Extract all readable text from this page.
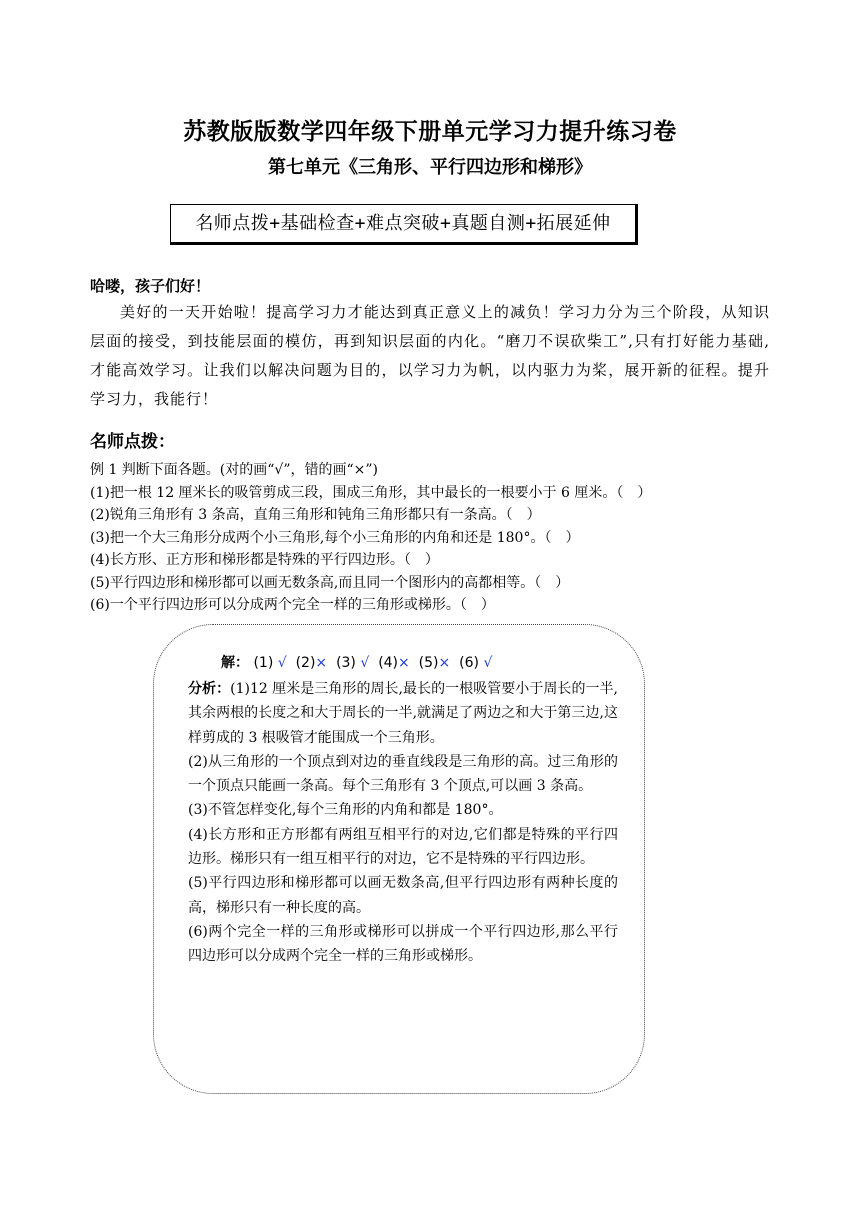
苏教版版数学四年级下册单元学习力提升练习卷
第七单元《三角形、平行四边形和梯形》
名师点拨+基础检查+难点突破+真题自测+拓展延伸
哈喽，孩子们好！
美好的一天开始啦！提高学习力才能达到真正意义上的减负！学习力分为三个阶段，从知识层面的接受，到技能层面的模仿，再到知识层面的内化。“磨刀不误砍柴工”,只有打好能力基础,才能高效学习。让我们以解决问题为目的，以学习力为帆，以内驱力为桨，展开新的征程。提升学习力，我能行！
名师点拨：
例 1 判断下面各题。(对的画“√”，错的画“×”)
(1)把一根 12 厘米长的吸管剪成三段，围成三角形，其中最长的一根要小于 6 厘米。（　）
(2)锐角三角形有 3 条高，直角三角形和钝角三角形都只有一条高。（　）
(3)把一个大三角形分成两个小三角形,每个小三角形的内角和还是 180°。（　）
(4)长方形、正方形和梯形都是特殊的平行四边形。（　）
(5)平行四边形和梯形都可以画无数条高,而且同一个图形内的高都相等。（　）
(6)一个平行四边形可以分成两个完全一样的三角形或梯形。（　）
解： (1) √ (2)× (3) √ (4)× (5)× (6) √

分析：(1)12 厘米是三角形的周长,最长的一根吸管要小于周长的一半,其余两根的长度之和大于周长的一半,就满足了两边之和大于第三边,这样剪成的 3 根吸管才能围成一个三角形。

(2)从三角形的一个顶点到对边的垂直线段是三角形的高。过三角形的一个顶点只能画一条高。每个三角形有 3 个顶点,可以画 3 条高。

(3)不管怎样变化,每个三角形的内角和都是 180°。

(4)长方形和正方形都有两组互相平行的对边,它们都是特殊的平行四边形。梯形只有一组互相平行的对边，它不是特殊的平行四边形。

(5)平行四边形和梯形都可以画无数条高,但平行四边形有两种长度的高，梯形只有一种长度的高。

(6)两个完全一样的三角形或梯形可以拼成一个平行四边形,那么平行四边形可以分成两个完全一样的三角形或梯形。
